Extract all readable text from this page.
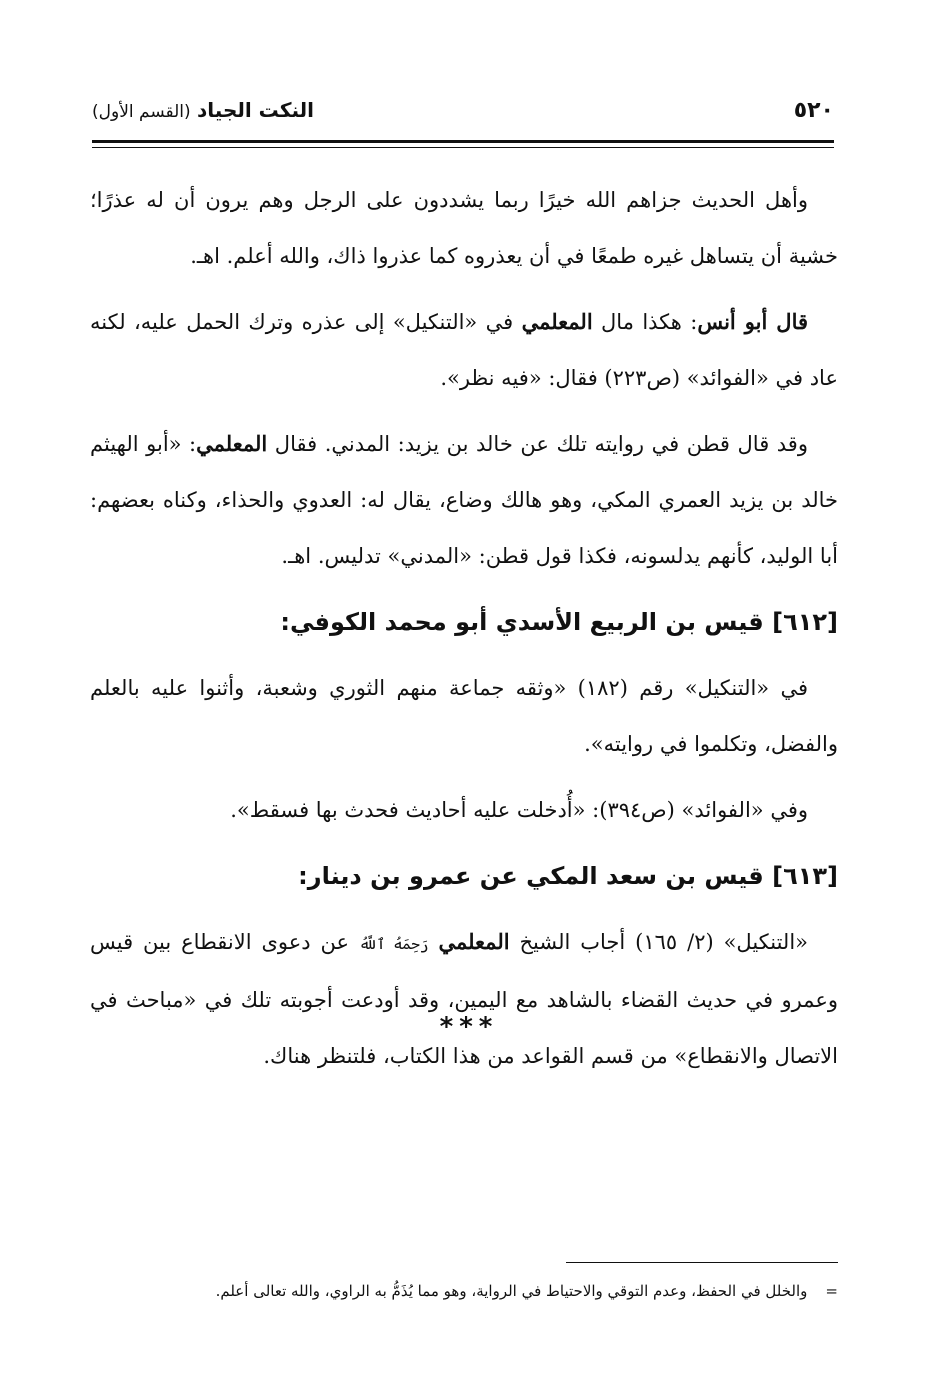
٥٢٠
النكت الجياد (القسم الأول)

وأهل الحديث جزاهم الله خيرًا ربما يشددون على الرجل وهم يرون أن له عذرًا؛ خشية أن يتساهل غيره طمعًا في أن يعذروه كما عذروا ذاك، والله أعلم. اهـ.

قال أبو أنس: هكذا مال المعلمي في «التنكيل» إلى عذره وترك الحمل عليه، لكنه عاد في «الفوائد» (ص٢٢٣) فقال: «فيه نظر».

وقد قال قطن في روايته تلك عن خالد بن يزيد: المدني. فقال المعلمي: «أبو الهيثم خالد بن يزيد العمري المكي، وهو هالك وضاع، يقال له: العدوي والحذاء، وكناه بعضهم: أبا الوليد، كأنهم يدلسونه، فكذا قول قطن: «المدني» تدليس. اهـ.

[٦١٢] قيس بن الربيع الأسدي أبو محمد الكوفي:

في «التنكيل» رقم (١٨٢) «وثقه جماعة منهم الثوري وشعبة، وأثنوا عليه بالعلم والفضل، وتكلموا في روايته».

وفي «الفوائد» (ص٣٩٤): «أُدخلت عليه أحاديث فحدث بها فسقط».

[٦١٣] قيس بن سعد المكي عن عمرو بن دينار:

«التنكيل» (٢/ ١٦٥) أجاب الشيخ المعلمي رَحِمَهُ ٱللَّهُ عن دعوى الانقطاع بين قيس وعمرو في حديث القضاء بالشاهد مع اليمين، وقد أودعت أجوبته تلك في «مباحث في الاتصال والانقطاع» من قسم القواعد من هذا الكتاب، فلتنظر هناك.

***
=والخلل في الحفظ، وعدم التوقي والاحتياط في الرواية، وهو مما يُذَمُّ به الراوي، والله تعالى أعلم.
